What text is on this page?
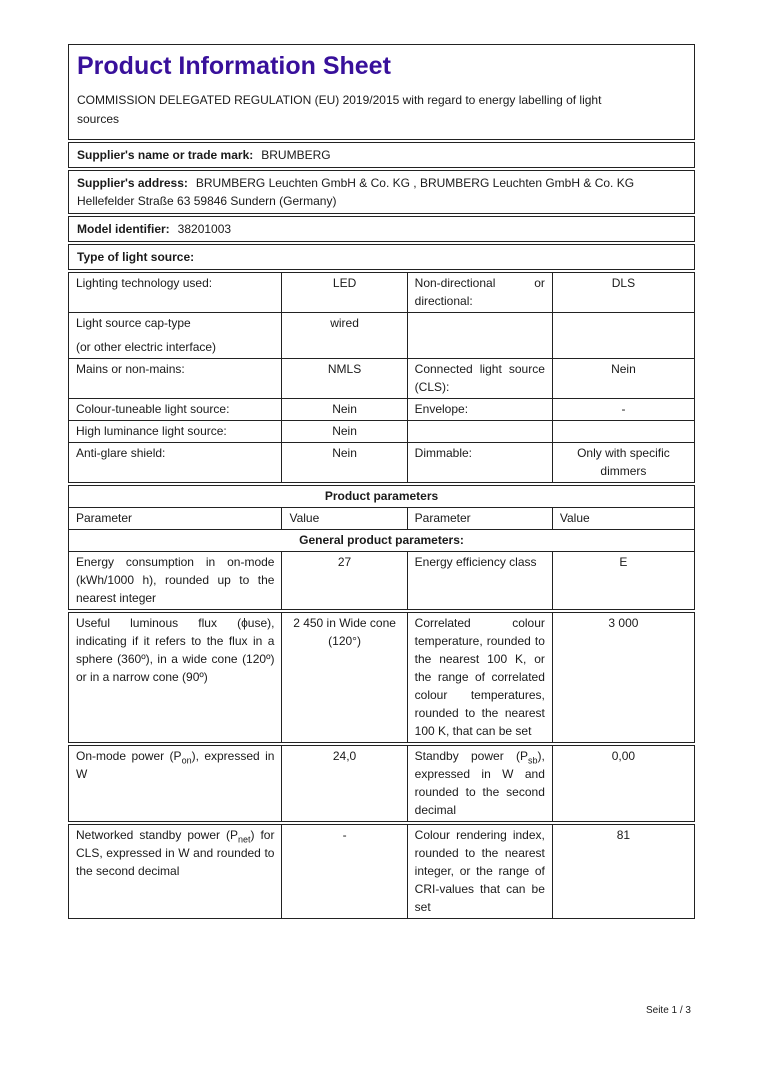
Product Information Sheet

COMMISSION DELEGATED REGULATION (EU) 2019/2015 with regard to energy labelling of light sources

Supplier's name or trade mark: BRUMBERG
Supplier's address: BRUMBERG Leuchten GmbH & Co. KG , BRUMBERG Leuchten GmbH & Co. KG Hellefelder Straße 63 59846 Sundern (Germany)
Model identifier: 38201003
Type of light source:
Lighting technology used:	LED	Non-directional or directional:	DLS

Light source cap-type
(or other electric interface)	wired		
Mains or non-mains:	NMLS	Connected light source (CLS):	Nein
Colour-tuneable light source:	Nein	Envelope:	-
High luminance light source:	Nein		
Anti-glare shield:	Nein	Dimmable:	Only with specific dimmers
Product parameters			
Parameter	Value	Parameter	Value
General product parameters:			
Energy consumption in on-mode (kWh/1000 h), rounded up to the nearest integer	27	Energy efficiency class	E
Useful luminous flux (ϕuse), indicating if it refers to the flux in a sphere (360º), in a wide cone (120º) or in a narrow cone (90º)	2 450 in Wide cone (120°)	Correlated colour temperature, rounded to the nearest 100 K, or the range of correlated colour temperatures, rounded to the nearest 100 K, that can be set	3 000
On-mode power $(P_{on})$, expressed in W	24,0	Standby power $(P_{sb})$, expressed in W and rounded to the second decimal	0,00
Networked standby power $(P_{net})$ for CLS, expressed in W and rounded to the second decimal	-	Colour rendering index, rounded to the nearest integer, or the range of CRI-values that can be set	81
Seite 1 / 3
